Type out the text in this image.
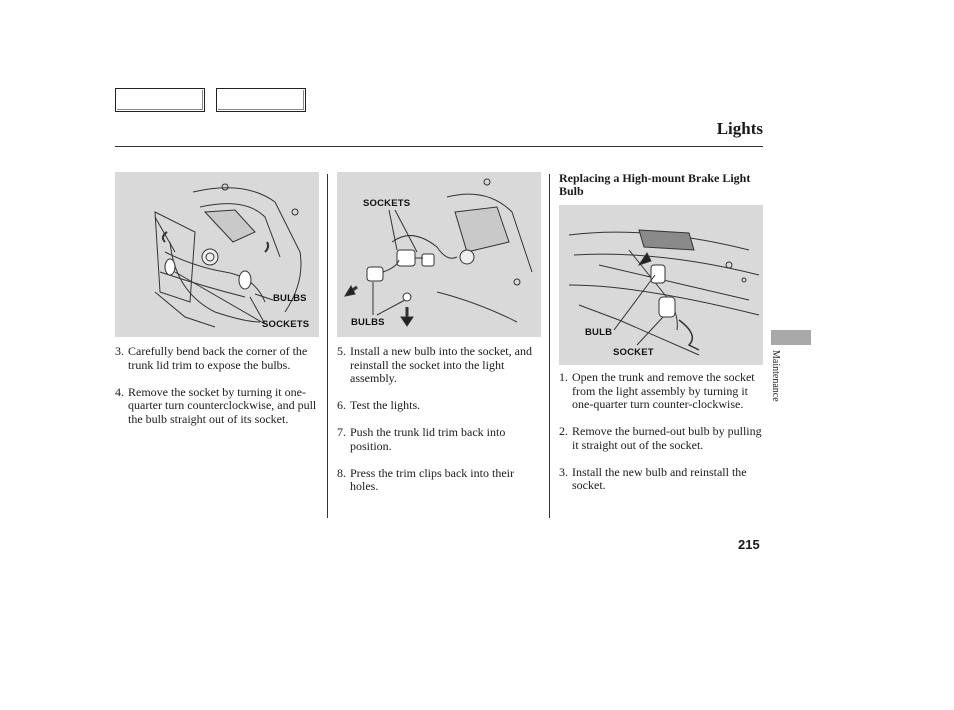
Lights
BULBS
SOCKETS
SOCKETS
BULBS
BULB
SOCKET
3. Carefully bend back the corner of the trunk lid trim to expose the bulbs.
4. Remove the socket by turning it one-quarter turn counterclockwise, and pull the bulb straight out of its socket.
5. Install a new bulb into the socket, and reinstall the socket into the light assembly.
6. Test the lights.
7. Push the trunk lid trim back into position.
8. Press the trim clips back into their holes.
Replacing a High-mount Brake Light Bulb
1. Open the trunk and remove the socket from the light assembly by turning it one-quarter turn counter-clockwise.
2. Remove the burned-out bulb by pulling it straight out of the socket.
3. Install the new bulb and reinstall the socket.
Maintenance
215
